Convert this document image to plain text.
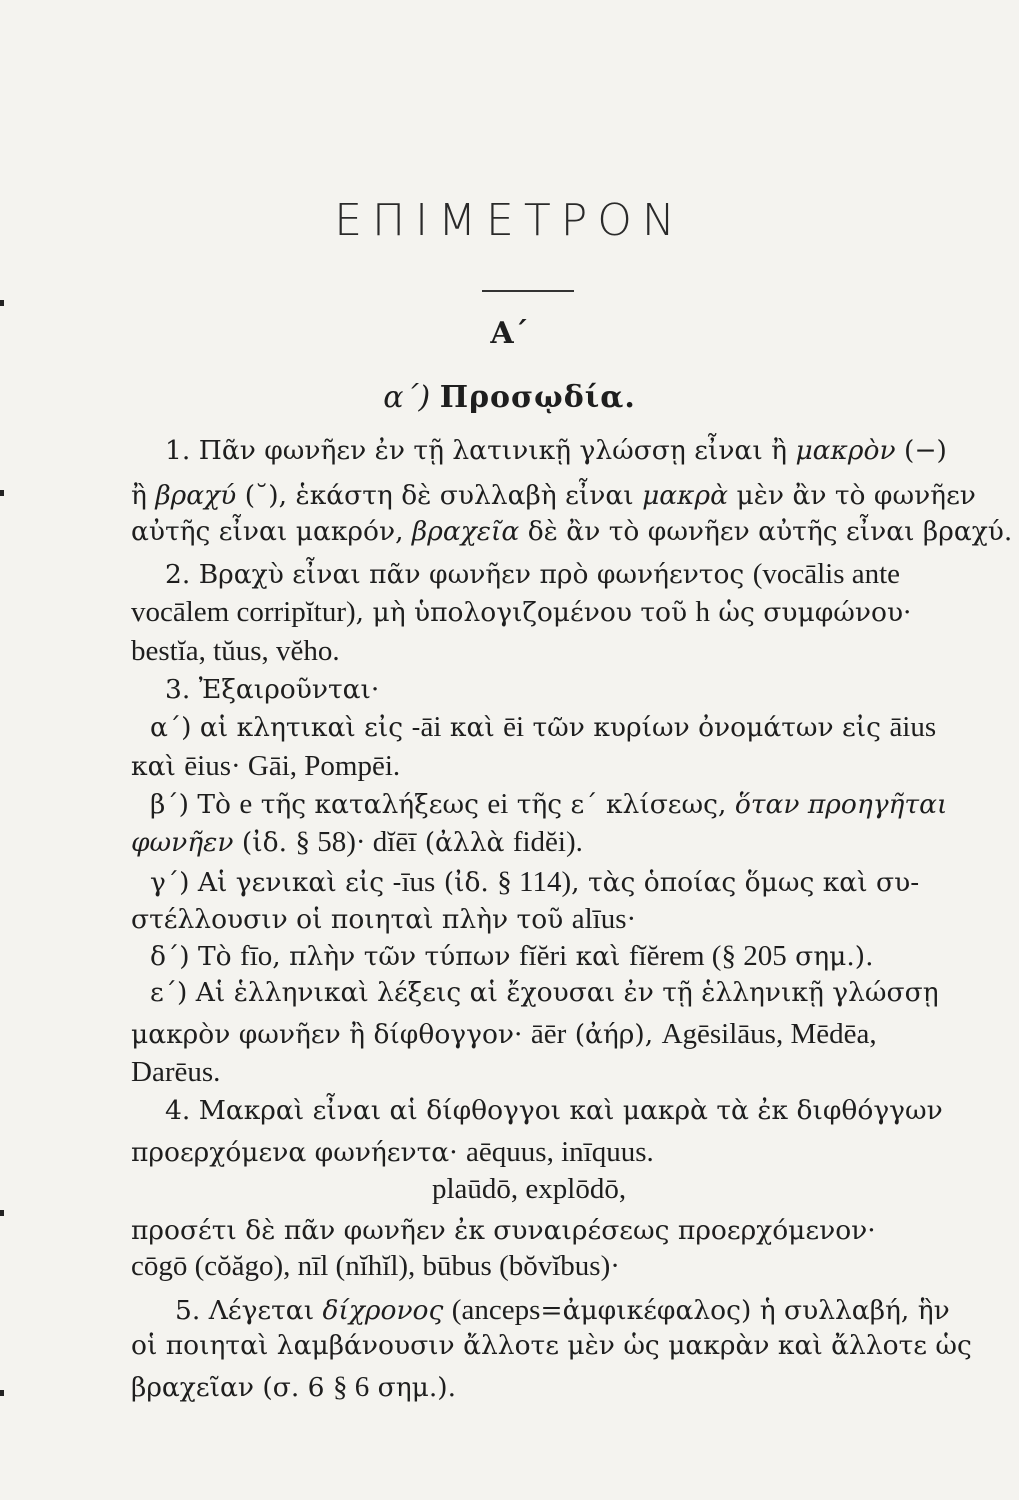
ΕΠΙΜΕΤΡΟΝ
Α΄
α΄) Προσῳδία.
1. Πᾶν φωνῆεν ἐν τῇ λατινικῇ γλώσσῃ εἶναι ἢ μακρὸν (−)
ἢ βραχύ (˘), ἑκάστη δὲ συλλαβὴ εἶναι μακρὰ μὲν ἂν τὸ φωνῆεν
αὐτῆς εἶναι μακρόν, βραχεῖα δὲ ἂν τὸ φωνῆεν αὐτῆς εἶναι βραχύ.
2. Βραχὺ εἶναι πᾶν φωνῆεν πρὸ φωνήεντος (vocālis ante
vocālem corripĭtur), μὴ ὑπολογιζομένου τοῦ h ὡς συμφώνου·
bestĭa, tŭus, vĕho.
3. Ἐξαιροῦνται·
α΄) αἱ κλητικαὶ εἰς -āi καὶ ēi τῶν κυρίων ὀνομάτων εἰς āius
καὶ ēius· Gāi, Pompēi.
β΄) Τὸ e τῆς καταλήξεως ei τῆς ε΄ κλίσεως, ὅταν προηγῆται
φωνῆεν (ἰδ. § 58)· dĭēī (ἀλλὰ fidĕi).
γ΄) Αἱ γενικαὶ εἰς -īus (ἰδ. § 114), τὰς ὁποίας ὅμως καὶ συ-
στέλλουσιν οἱ ποιηταὶ πλὴν τοῦ alīus·
δ΄) Τὸ fīo, πλὴν τῶν τύπων fĭĕri καὶ fĭĕrem (§ 205 σημ.).
ε΄) Αἱ ἑλληνικαὶ λέξεις αἱ ἔχουσαι ἐν τῇ ἑλληνικῇ γλώσσῃ
μακρὸν φωνῆεν ἢ δίφθογγον· āēr (ἀήρ), Agēsilāus, Mēdēa,
Darēus.
4. Μακραὶ εἶναι αἱ δίφθογγοι καὶ μακρὰ τὰ ἐκ διφθόγγων
προερχόμενα φωνήεντα· aēquus, inīquus.
plaūdō, explōdō,
προσέτι δὲ πᾶν φωνῆεν ἐκ συναιρέσεως προερχόμενον·
cōgō (cŏăgo), nīl (nĭhĭl), būbus (bŏvĭbus)·
5. Λέγεται δίχρονος (anceps=ἀμφικέφαλος) ἡ συλλαβή, ἣν
οἱ ποιηταὶ λαμβάνουσιν ἄλλοτε μὲν ὡς μακρὰν καὶ ἄλλοτε ὡς
βραχεῖαν (σ. 6 § 6 σημ.).
